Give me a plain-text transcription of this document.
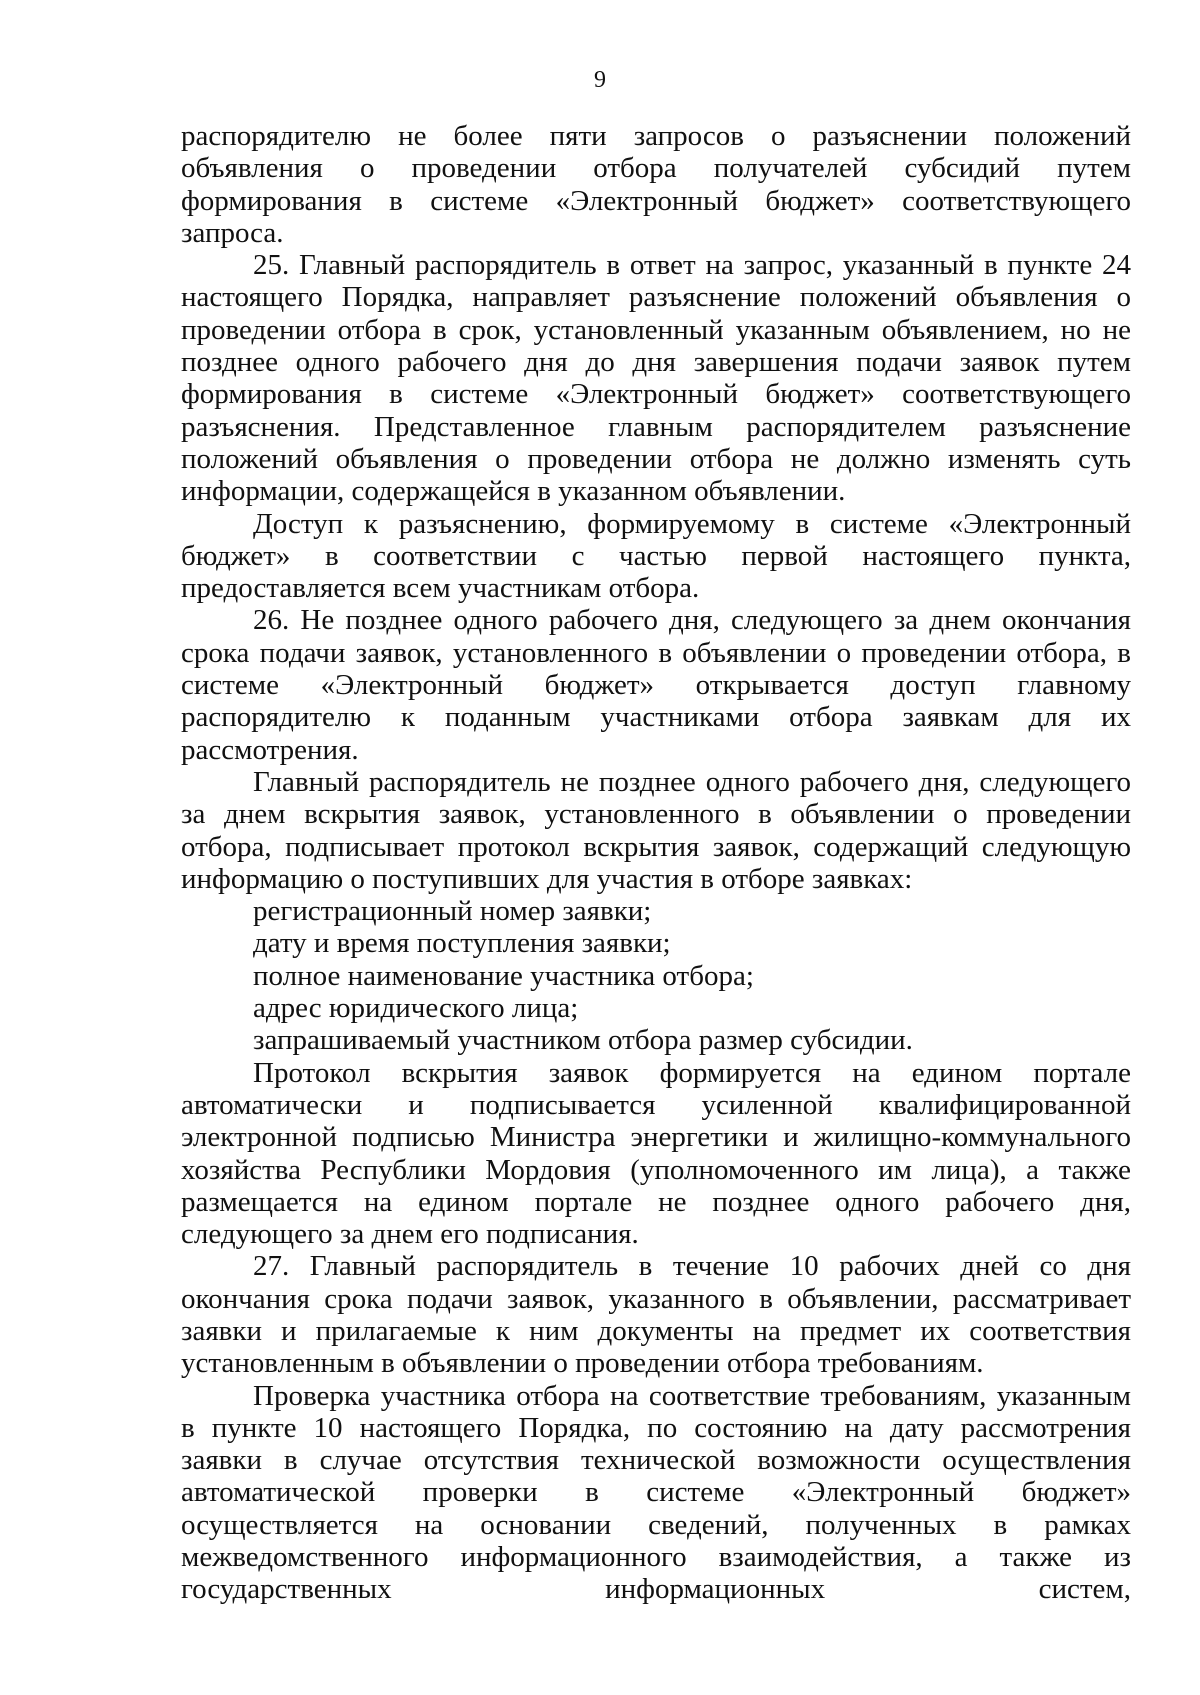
9

распорядителю не более пяти запросов о разъяснении положений объявления о проведении отбора получателей субсидий путем формирования в системе «Электронный бюджет» соответствующего запроса.

25. Главный распорядитель в ответ на запрос, указанный в пункте 24 настоящего Порядка, направляет разъяснение положений объявления о проведении отбора в срок, установленный указанным объявлением, но не позднее одного рабочего дня до дня завершения подачи заявок путем формирования в системе «Электронный бюджет» соответствующего разъяснения. Представленное главным распорядителем разъяснение положений объявления о проведении отбора не должно изменять суть информации, содержащейся в указанном объявлении.

Доступ к разъяснению, формируемому в системе «Электронный бюджет» в соответствии с частью первой настоящего пункта, предоставляется всем участникам отбора.

26. Не позднее одного рабочего дня, следующего за днем окончания срока подачи заявок, установленного в объявлении о проведении отбора, в системе «Электронный бюджет» открывается доступ главному распорядителю к поданным участниками отбора заявкам для их рассмотрения.

Главный распорядитель не позднее одного рабочего дня, следующего за днем вскрытия заявок, установленного в объявлении о проведении отбора, подписывает протокол вскрытия заявок, содержащий следующую информацию о поступивших для участия в отборе заявках:

регистрационный номер заявки;

дату и время поступления заявки;

полное наименование участника отбора;

адрес юридического лица;

запрашиваемый участником отбора размер субсидии.

Протокол вскрытия заявок формируется на едином портале автоматически и подписывается усиленной квалифицированной электронной подписью Министра энергетики и жилищно-коммунального хозяйства Республики Мордовия (уполномоченного им лица), а также размещается на едином портале не позднее одного рабочего дня, следующего за днем его подписания.

27. Главный распорядитель в течение 10 рабочих дней со дня окончания срока подачи заявок, указанного в объявлении, рассматривает заявки и прилагаемые к ним документы на предмет их соответствия установленным в объявлении о проведении отбора требованиям.

Проверка участника отбора на соответствие требованиям, указанным в пункте 10 настоящего Порядка, по состоянию на дату рассмотрения заявки в случае отсутствия технической возможности осуществления автоматической проверки в системе «Электронный бюджет» осуществляется на основании сведений, полученных в рамках межведомственного информационного взаимодействия, а также из государственных информационных систем,
